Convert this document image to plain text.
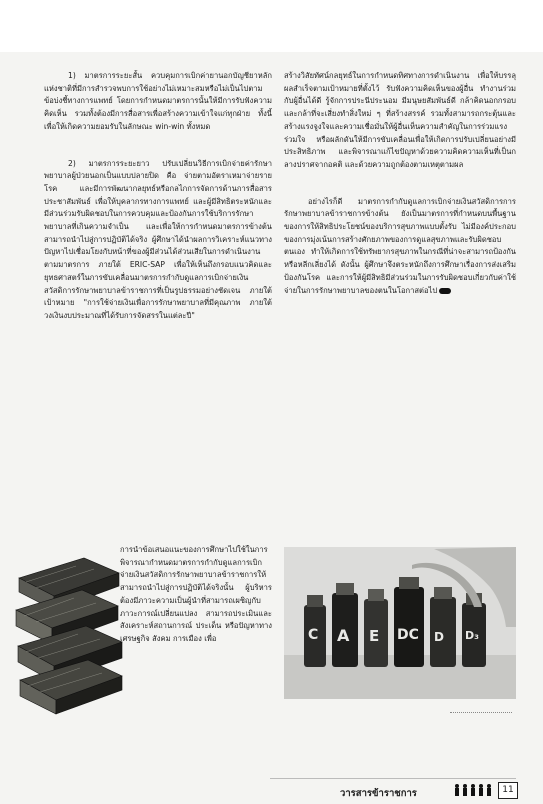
1) มาตรการระยะสั้น ควบคุมการเบิกค่ายานอกบัญชียาหลักแห่งชาติที่มีการสำรวจพบการใช้อย่างไม่เหมาะสมหรือไม่เป็นไปตามข้อบ่งชี้ทางการแพทย์ โดยการกำหนดมาตรการนั้นให้มีการรับฟังความคิดเห็น รวมทั้งต้องมีการสื่อสารเพื่อสร้างความเข้าใจแก่ทุกฝ่าย ทั้งนี้ เพื่อให้เกิดความยอมรับในลักษณะ win-win ทั้งหมด

2) มาตรการระยะยาว ปรับเปลี่ยนวิธีการเบิกจ่ายค่ารักษาพยาบาลผู้ป่วยนอกเป็นแบบปลายปิด คือ จ่ายตามอัตราเหมาจ่ายรายโรค และมีการพัฒนากลยุทธ์หรือกลไกการจัดการด้านการสื่อสารประชาสัมพันธ์ เพื่อให้บุคลากรทางการแพทย์ และผู้มีสิทธิตระหนักและมีส่วนร่วมรับผิดชอบในการควบคุมและป้องกันการใช้บริการรักษาพยาบาลที่เกินความจำเป็น และเพื่อให้การกำหนดมาตรการข้างต้นสามารถนำไปสู่การปฏิบัติได้จริง ผู้ศึกษาได้นำผลการวิเคราะห์แนวทางปัญหาไปเชื่อมโยงกับหน้าที่ของผู้มีส่วนได้ส่วนเสียในการดำเนินงานตามมาตรการ ภายใต้ ERIC-SAP เพื่อให้เห็นถึงกรอบแนวคิดและยุทธศาสตร์ในการขับเคลื่อนมาตรการกำกับดูแลการเบิกจ่ายเงินสวัสดิการรักษาพยาบาลข้าราชการที่เป็นรูปธรรมอย่างชัดเจน ภายใต้เป้าหมาย "การใช้จ่ายเงินเพื่อการรักษาพยาบาลที่มีคุณภาพ ภายใต้วงเงินงบประมาณที่ได้รับการจัดสรรในแต่ละปี"

สร้างวิสัยทัศน์กลยุทธ์ในการกำหนดทิศทางการดำเนินงาน เพื่อให้บรรลุผลสำเร็จตามเป้าหมายที่ตั้งไว้ รับฟังความคิดเห็นของผู้อื่น ทำงานร่วมกับผู้อื่นได้ดี รู้จักการประนีประนอม มีมนุษยสัมพันธ์ดี กล้าคิดนอกกรอบและกล้าที่จะเสี่ยงทำสิ่งใหม่ ๆ ที่สร้างสรรค์ รวมทั้งสามารถกระตุ้นและสร้างแรงจูงใจและความเชื่อมั่นให้ผู้อื่นเห็นความสำคัญในการร่วมแรง ร่วมใจ หรือผลักดันให้มีการขับเคลื่อนเพื่อให้เกิดการปรับเปลี่ยนอย่างมีประสิทธิภาพ และพิจารณาแก้ไขปัญหาด้วยความคิดความเห็นที่เป็นกลางปราศจากอคติ และด้วยความถูกต้องตามเหตุตามผล

อย่างไรก็ดี มาตรการกำกับดูแลการเบิกจ่ายเงินสวัสดิการการรักษาพยาบาลข้าราชการข้างต้น ยังเป็นมาตรการที่กำหนดบนพื้นฐานของการให้สิทธิประโยชน์ของบริการสุขภาพแบบตั้งรับ ไม่มีองค์ประกอบของการมุ่งเน้นการสร้างศักยภาพของการดูแลสุขภาพและรับผิดชอบตนเอง ทำให้เกิดการใช้ทรัพยากรสุขภาพในกรณีที่น่าจะสามารถป้องกันหรือหลีกเลี่ยงได้ ดังนั้น ผู้ศึกษาจึงตระหนักถึงการศึกษาเรื่องการส่งเสริมป้องกันโรค และการให้ผู้มีสิทธิมีส่วนร่วมในการรับผิดชอบเกี่ยวกับค่าใช้จ่ายในการรักษาพยาบาลของตนในโอกาสต่อไป

การนำข้อเสนอแนะของการศึกษาไปใช้ในการพิจารณากำหนดมาตรการกำกับดูแลการเบิกจ่ายเงินสวัสดิการรักษาพยาบาลข้าราชการให้สามารถนำไปสู่การปฏิบัติได้จริงนั้น ผู้บริหารต้องมีภาวะความเป็นผู้นำที่สามารถเผชิญกับภาวะการณ์เปลี่ยนแปลง สามารถประเมินและสังเคราะห์สถานการณ์ ประเด็น หรือปัญหาทางเศรษฐกิจ สังคม การเมือง เพื่อ	C A E DC D D₃
วารสารข้าราชการ	11
